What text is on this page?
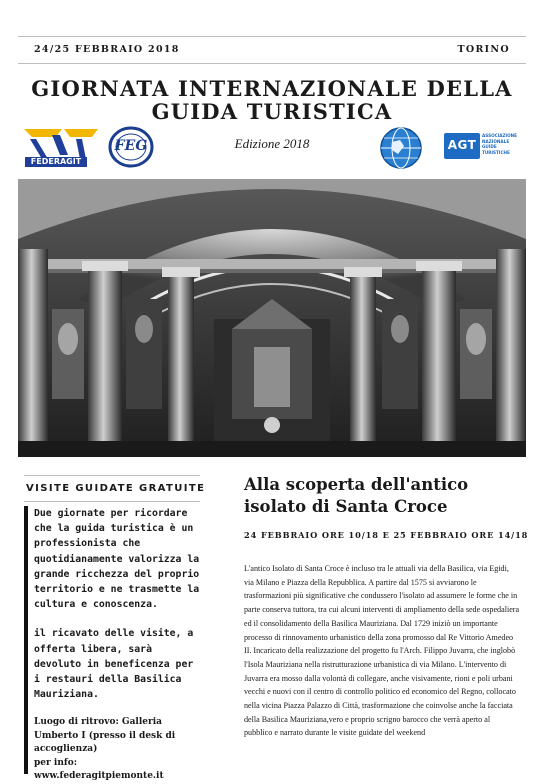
24/25 FEBBRAIO 2018	TORINO
GIORNATA INTERNAZIONALE DELLA
GUIDA TURISTICA
Edizione 2018
FEDERAGIT
FEG	AGT
ASSOCIAZIONE
NAZIONALE
GUIDE
TURISTICHE
VISITE GUIDATE GRATUITE

Due giornate per ricordare che la guida turistica è un professionista che quotidianamente valorizza la grande ricchezza del proprio territorio e ne trasmette la cultura e conoscenza.

il ricavato delle visite, a offerta libera, sarà devoluto in beneficenza per i restauri della Basilica Mauriziana.

Luogo di ritrovo: Galleria Umberto I (presso il desk di accoglienza)
per info: www.federagitpiemonte.it

Alla scoperta dell'antico isolato di Santa Croce
24 FEBBRAIO ORE 10/18 E 25 FEBBRAIO ORE 14/18
L'antico Isolato di Santa Croce è incluso tra le attuali via della Basilica, via Egidi, via Milano e Piazza della Repubblica. A partire dal 1575 si avviarono le trasformazioni più significative che condussero l'isolato ad assumere le forme che in parte conserva tuttora, tra cui alcuni interventi di ampliamento della sede ospedaliera ed il consolidamento della Basilica Mauriziana. Dal 1729 iniziò un importante processo di rinnovamento urbanistico della zona promosso dal Re Vittorio Amedeo II. Incaricato della realizzazione del progetto fu l'Arch. Filippo Juvarra, che inglobò l'Isola Mauriziana nella ristrutturazione urbanistica di via Milano. L'intervento di Juvarra era mosso dalla volontà di collegare, anche visivamente, rioni e poli urbani vecchi e nuovi con il centro di controllo politico ed economico del Regno, collocato nella vicina Piazza Palazzo di Città, trasformazione che coinvolse anche la facciata della Basilica Mauriziana,vero e proprio scrigno barocco che verrà aperto al pubblico e narrato durante le visite guidate del weekend
